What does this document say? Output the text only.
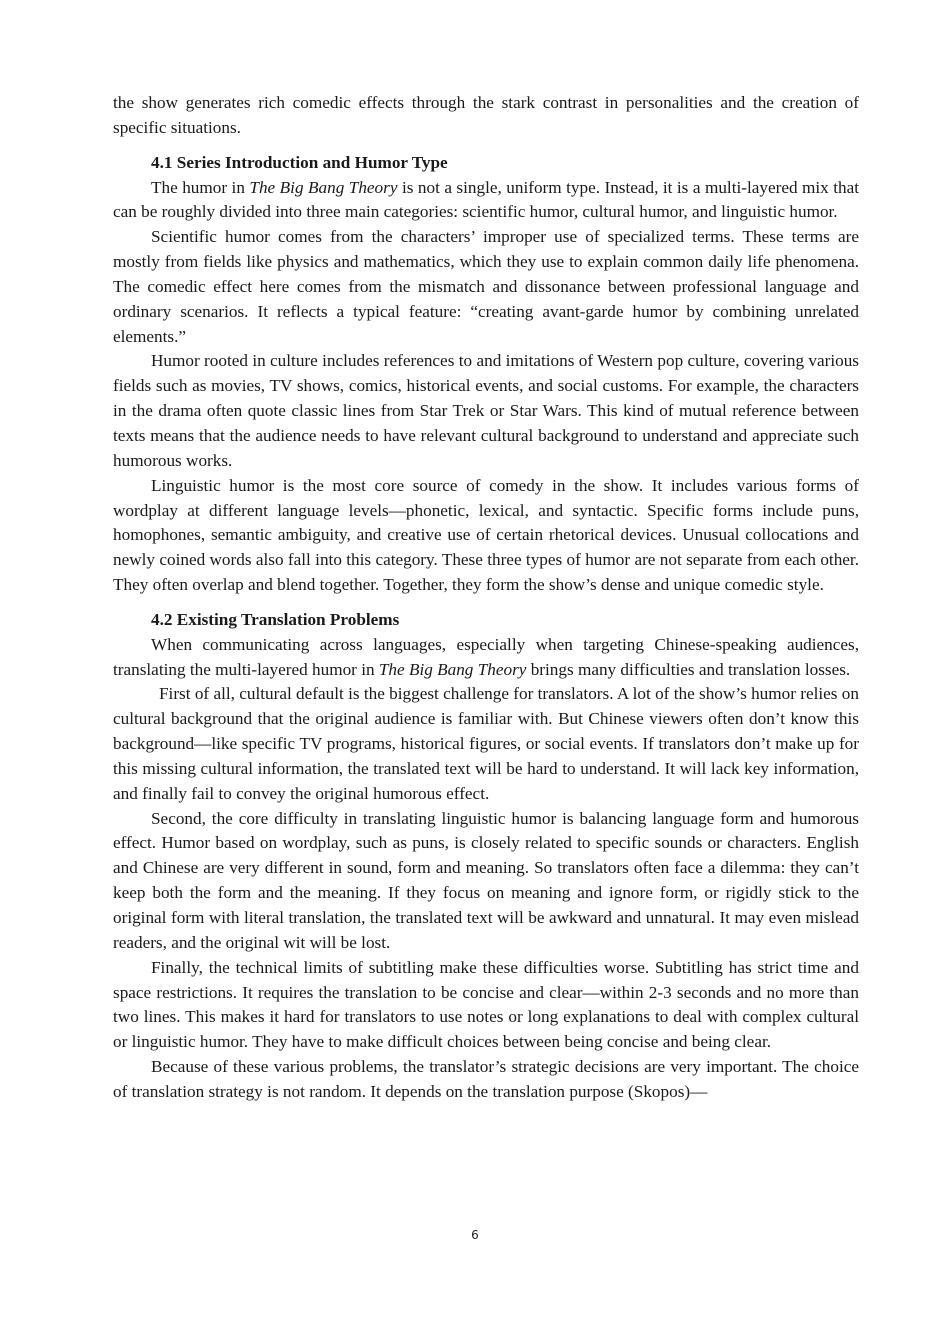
the show generates rich comedic effects through the stark contrast in personalities and the creation of specific situations.

4.1 Series Introduction and Humor Type

The humor in The Big Bang Theory is not a single, uniform type. Instead, it is a multi-layered mix that can be roughly divided into three main categories: scientific humor, cultural humor, and linguistic humor.

Scientific humor comes from the characters’ improper use of specialized terms. These terms are mostly from fields like physics and mathematics, which they use to explain common daily life phenomena. The comedic effect here comes from the mismatch and dissonance between professional language and ordinary scenarios. It reflects a typical feature: “creating avant-garde humor by combining unrelated elements.”

Humor rooted in culture includes references to and imitations of Western pop culture, covering various fields such as movies, TV shows, comics, historical events, and social customs. For example, the characters in the drama often quote classic lines from Star Trek or Star Wars. This kind of mutual reference between texts means that the audience needs to have relevant cultural background to understand and appreciate such humorous works.

Linguistic humor is the most core source of comedy in the show. It includes various forms of wordplay at different language levels—phonetic, lexical, and syntactic. Specific forms include puns, homophones, semantic ambiguity, and creative use of certain rhetorical devices. Unusual collocations and newly coined words also fall into this category. These three types of humor are not separate from each other. They often overlap and blend together. Together, they form the show’s dense and unique comedic style.

4.2 Existing Translation Problems

When communicating across languages, especially when targeting Chinese-speaking audiences, translating the multi-layered humor in The Big Bang Theory brings many difficulties and translation losses.

First of all, cultural default is the biggest challenge for translators. A lot of the show’s humor relies on cultural background that the original audience is familiar with. But Chinese viewers often don’t know this background—like specific TV programs, historical figures, or social events. If translators don’t make up for this missing cultural information, the translated text will be hard to understand. It will lack key information, and finally fail to convey the original humorous effect.

Second, the core difficulty in translating linguistic humor is balancing language form and humorous effect. Humor based on wordplay, such as puns, is closely related to specific sounds or characters. English and Chinese are very different in sound, form and meaning. So translators often face a dilemma: they can’t keep both the form and the meaning. If they focus on meaning and ignore form, or rigidly stick to the original form with literal translation, the translated text will be awkward and unnatural. It may even mislead readers, and the original wit will be lost.

Finally, the technical limits of subtitling make these difficulties worse. Subtitling has strict time and space restrictions. It requires the translation to be concise and clear—within 2-3 seconds and no more than two lines. This makes it hard for translators to use notes or long explanations to deal with complex cultural or linguistic humor. They have to make difficult choices between being concise and being clear.

Because of these various problems, the translator’s strategic decisions are very important. The choice of translation strategy is not random. It depends on the translation purpose (Skopos)—

6
